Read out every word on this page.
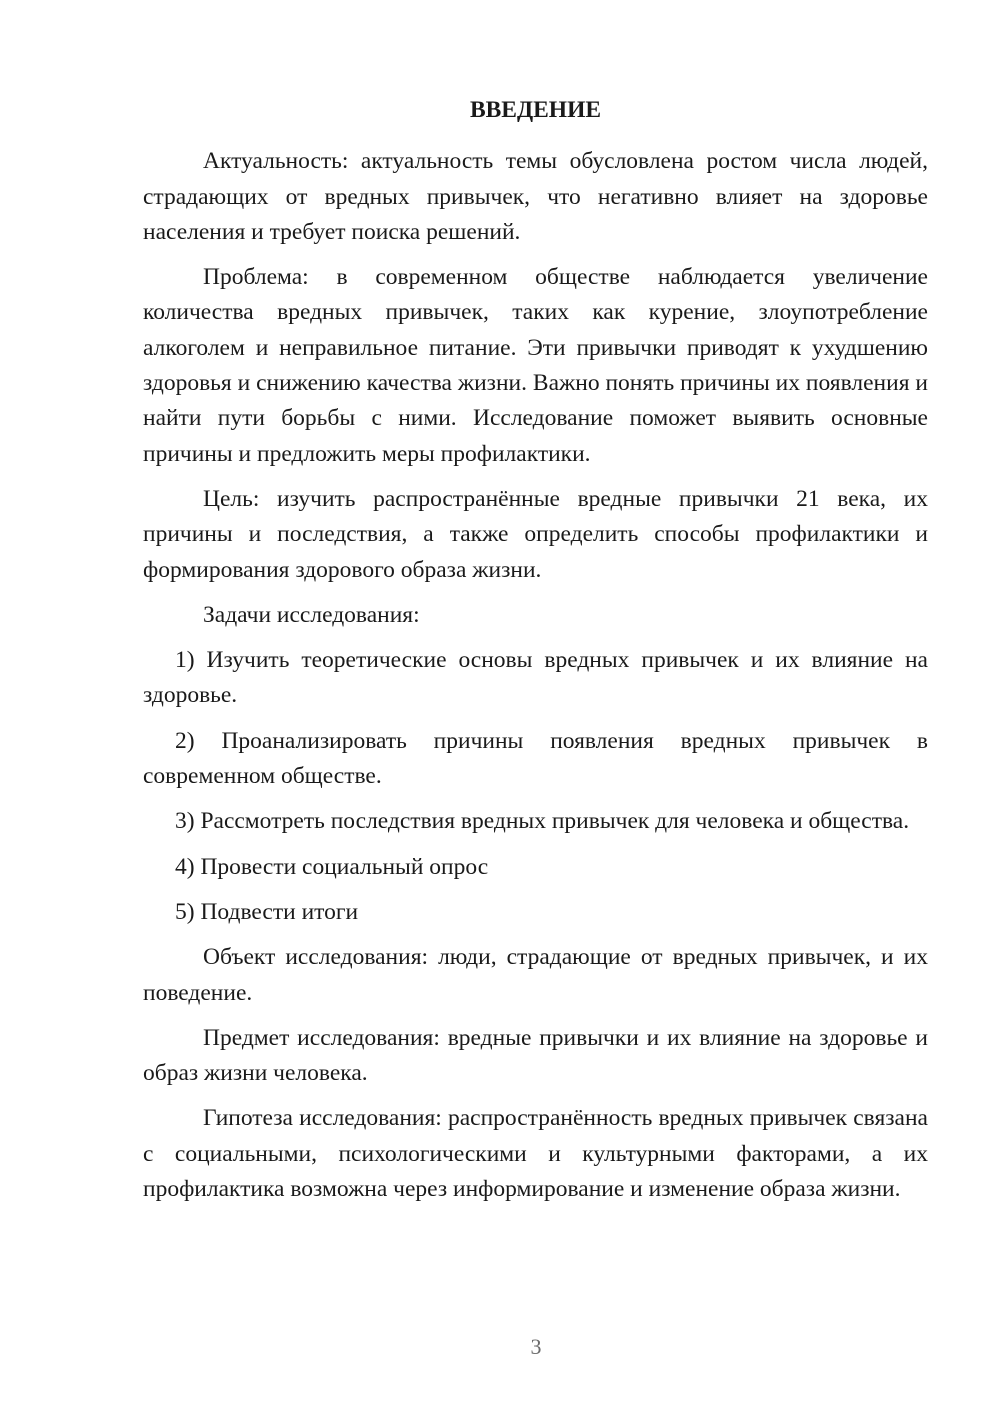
ВВЕДЕНИЕ

Актуальность: актуальность темы обусловлена ростом числа людей, страдающих от вредных привычек, что негативно влияет на здоровье населения и требует поиска решений.

Проблема: в современном обществе наблюдается увеличение количества вредных привычек, таких как курение, злоупотребление алкоголем и неправильное питание. Эти привычки приводят к ухудшению здоровья и снижению качества жизни. Важно понять причины их появления и найти пути борьбы с ними. Исследование поможет выявить основные причины и предложить меры профилактики.

Цель: изучить распространённые вредные привычки 21 века, их причины и последствия, а также определить способы профилактики и формирования здорового образа жизни.

Задачи исследования:

1) Изучить теоретические основы вредных привычек и их влияние на здоровье.

2) Проанализировать причины появления вредных привычек в современном обществе.

3) Рассмотреть последствия вредных привычек для человека и общества.

4) Провести социальный опрос

5) Подвести итоги

Объект исследования: люди, страдающие от вредных привычек, и их поведение.

Предмет исследования: вредные привычки и их влияние на здоровье и образ жизни человека.

Гипотеза исследования: распространённость вредных привычек связана с социальными, психологическими и культурными факторами, а их профилактика возможна через информирование и изменение образа жизни.

3
